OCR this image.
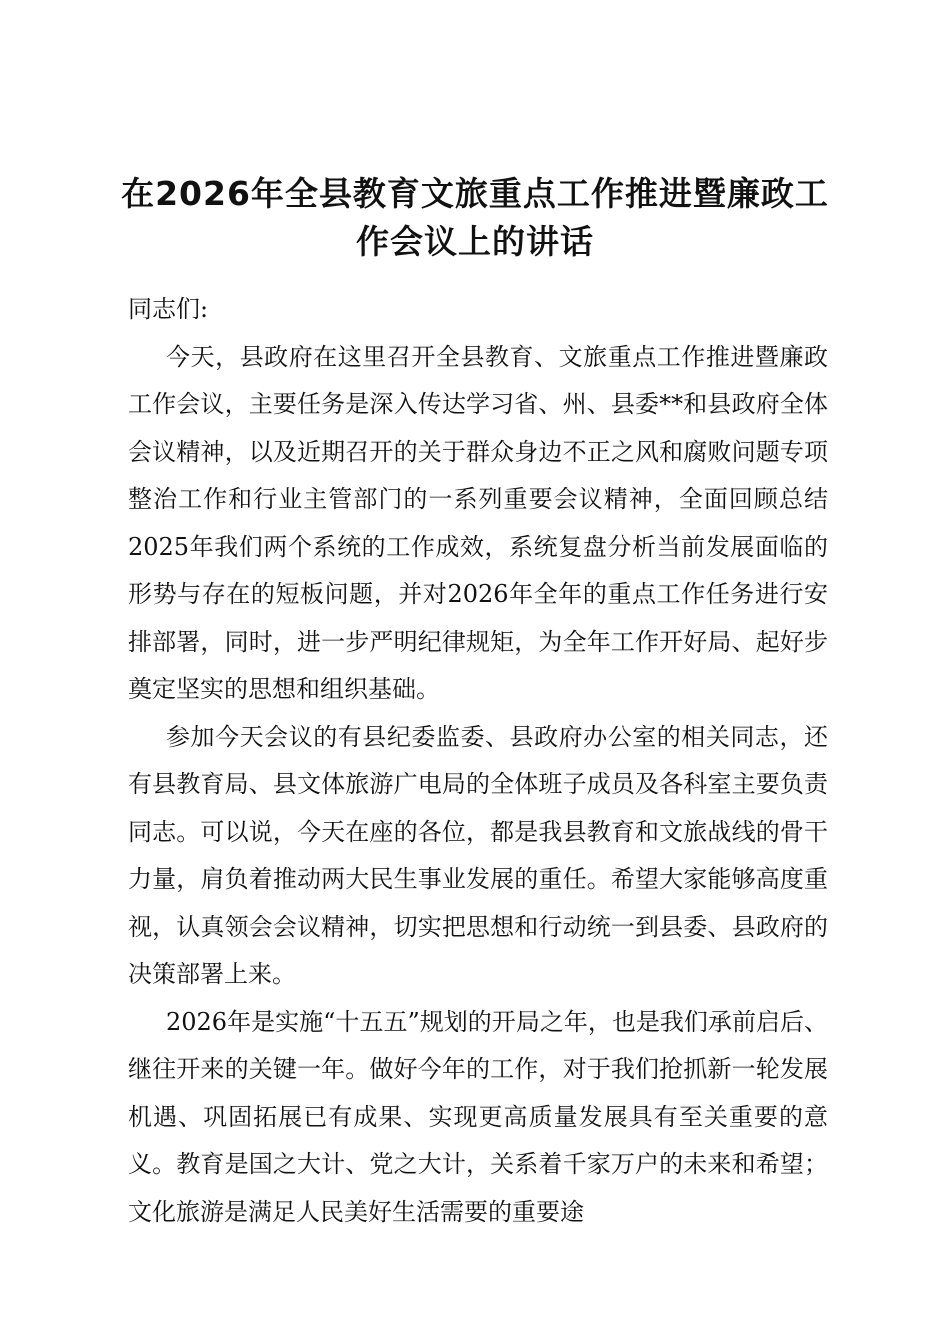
在2026年全县教育文旅重点工作推进暨廉政工作会议上的讲话

同志们:

今天，县政府在这里召开全县教育、文旅重点工作推进暨廉政工作会议，主要任务是深入传达学习省、州、县委**和县政府全体会议精神，以及近期召开的关于群众身边不正之风和腐败问题专项整治工作和行业主管部门的一系列重要会议精神，全面回顾总结2025年我们两个系统的工作成效，系统复盘分析当前发展面临的形势与存在的短板问题，并对2026年全年的重点工作任务进行安排部署，同时，进一步严明纪律规矩，为全年工作开好局、起好步奠定坚实的思想和组织基础。

参加今天会议的有县纪委监委、县政府办公室的相关同志，还有县教育局、县文体旅游广电局的全体班子成员及各科室主要负责同志。可以说，今天在座的各位，都是我县教育和文旅战线的骨干力量，肩负着推动两大民生事业发展的重任。希望大家能够高度重视，认真领会会议精神，切实把思想和行动统一到县委、县政府的决策部署上来。

2026年是实施“十五五”规划的开局之年，也是我们承前启后、继往开来的关键一年。做好今年的工作，对于我们抢抓新一轮发展机遇、巩固拓展已有成果、实现更高质量发展具有至关重要的意义。教育是国之大计、党之大计，关系着千家万户的未来和希望；文化旅游是满足人民美好生活需要的重要途
